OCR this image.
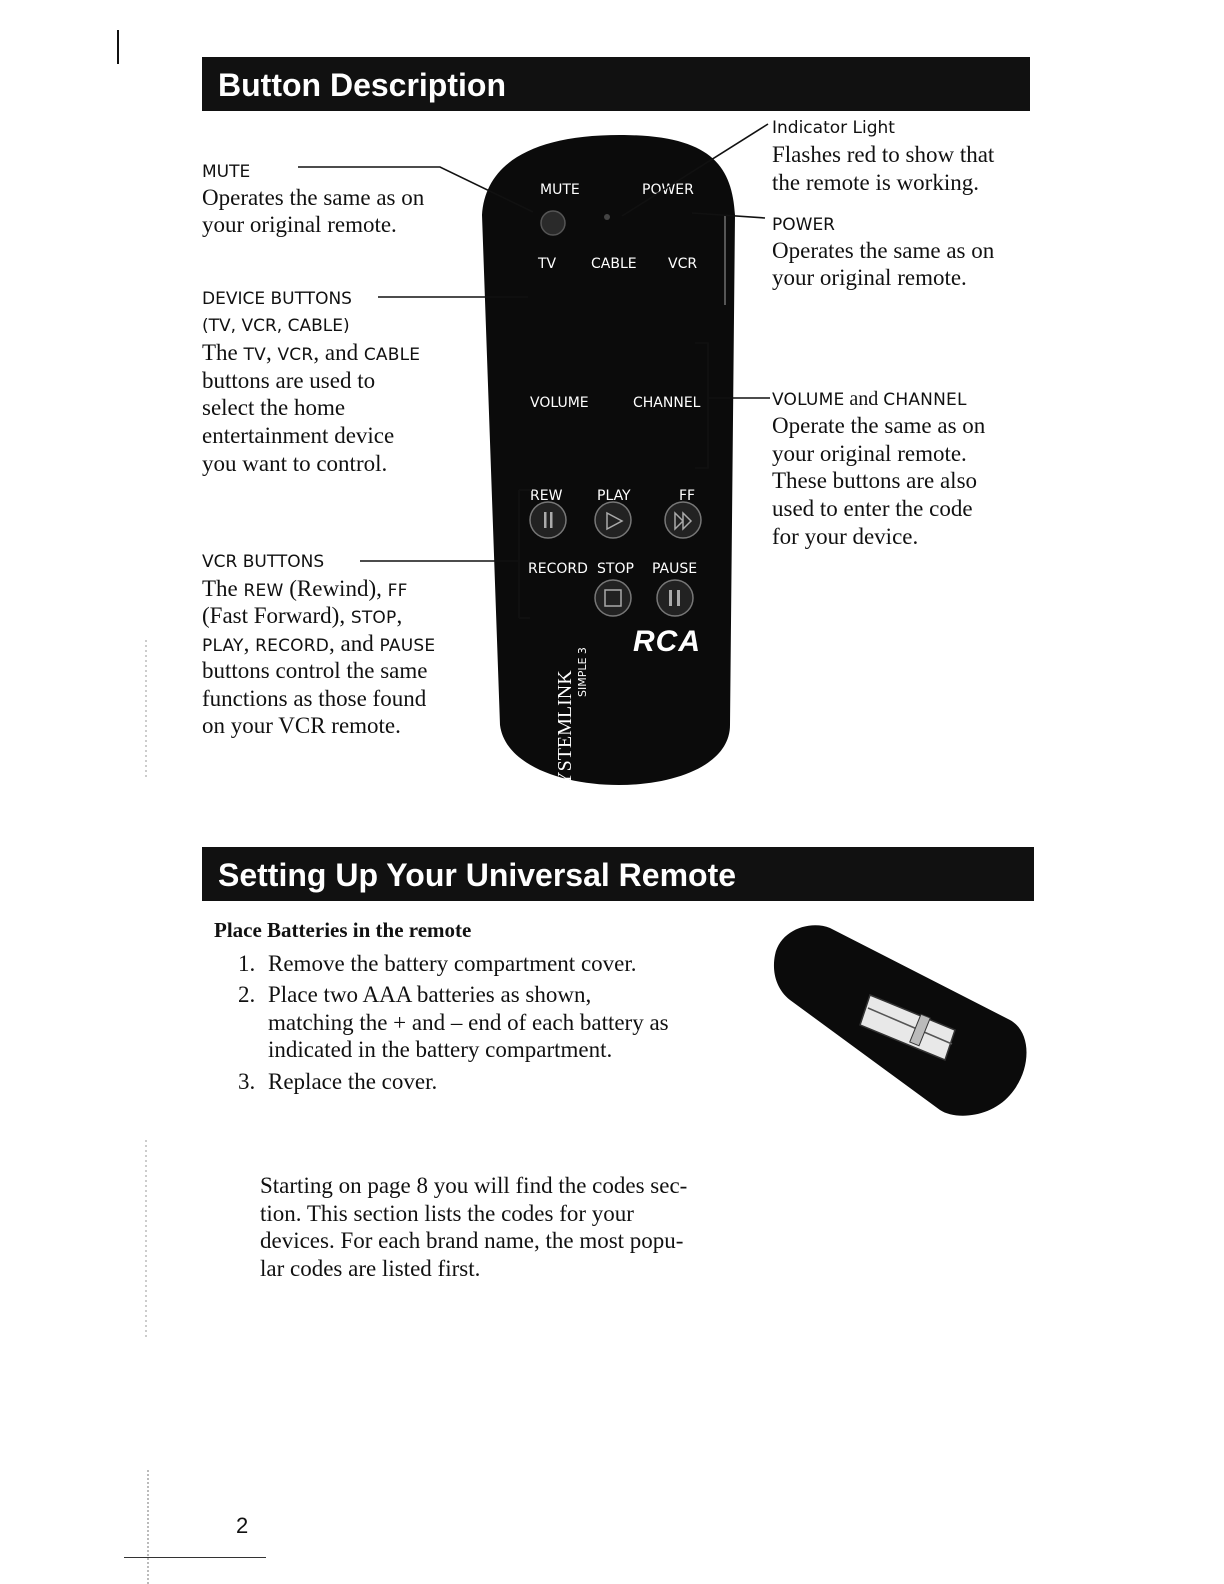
Button Description
MUTE	POWER
TV CABLE VCR
VOLUME	CHANNEL
REW PLAY	FF
RECORD STOP PAUSE
RCA
SYSTEMLINK SIMPLE 3
MUTE
Operates the same as on
your original remote.
DEVICE BUTTONS
(TV, VCR, CABLE)
The TV, VCR, and CABLE
buttons are used to
select the home
entertainment device
you want to control.
VCR BUTTONS
The REW (Rewind), FF
(Fast Forward), STOP,
PLAY, RECORD, and PAUSE
buttons control the same
functions as those found
on your VCR remote.
Indicator Light
Flashes red to show that
the remote is working.
POWER
Operates the same as on
your original remote.
VOLUME and CHANNEL
Operate the same as on
your original remote.
These buttons are also
used to enter the code
for your device.
Setting Up Your Universal Remote
Place Batteries in the remote
1. Remove the battery compartment cover.
2. Place two AAA batteries as shown,
matching the + and – end of each battery as
indicated in the battery compartment.
3. Replace the cover.
Starting on page 8 you will find the codes sec-
tion. This section lists the codes for your
devices. For each brand name, the most popu-
lar codes are listed first.
2
